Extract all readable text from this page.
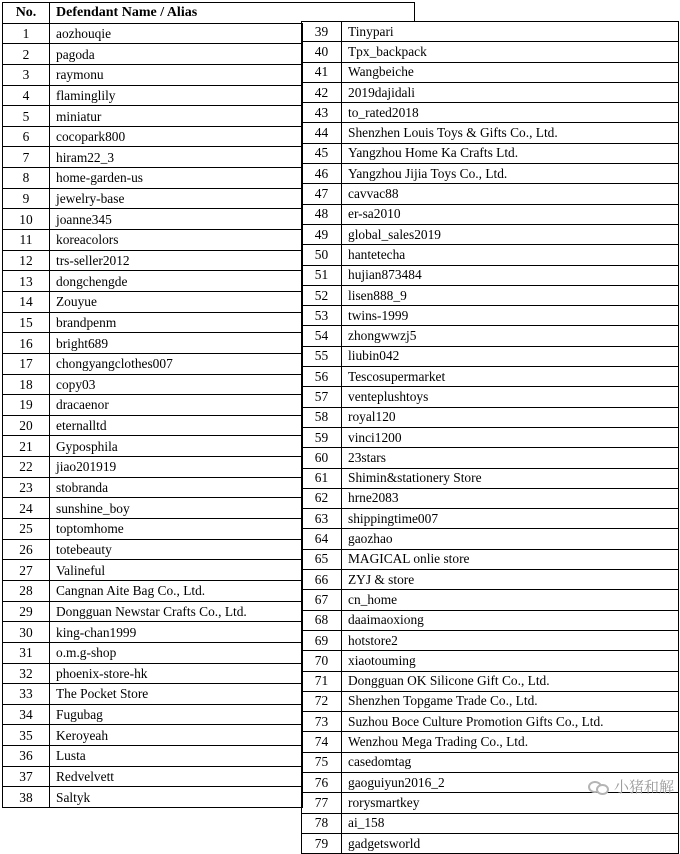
No.	Defendant Name / Alias
1	aozhouqie
2	pagoda
3	raymonu
4	flaminglily
5	miniatur
6	cocopark800
7	hiram22_3
8	home-garden-us
9	jewelry-base
10	joanne345
11	koreacolors
12	trs-seller2012
13	dongchengde
14	Zouyue
15	brandpenm
16	bright689
17	chongyangclothes007
18	copy03
19	dracaenor
20	eternalltd
21	Gyposphila
22	jiao201919
23	stobranda
24	sunshine_boy
25	toptomhome
26	totebeauty
27	Valineful
28	Cangnan Aite Bag Co., Ltd.
29	Dongguan Newstar Crafts Co., Ltd.
30	king-chan1999
31	o.m.g-shop
32	phoenix-store-hk
33	The Pocket Store
34	Fugubag
35	Keroyeah
36	Lusta
37	Redvelvett
38	Saltyk
39	Tinypari
40	Tpx_backpack
41	Wangbeiche
42	2019dajidali
43	to_rated2018
44	Shenzhen Louis Toys & Gifts Co., Ltd.
45	Yangzhou Home Ka Crafts Ltd.
46	Yangzhou Jijia Toys Co., Ltd.
47	cavvac88
48	er-sa2010
49	global_sales2019
50	hantetecha
51	hujian873484
52	lisen888_9
53	twins-1999
54	zhongwwzj5
55	liubin042
56	Tescosupermarket
57	venteplushtoys
58	royal120
59	vinci1200
60	23stars
61	Shimin&stationery Store
62	hrne2083
63	shippingtime007
64	gaozhao
65	MAGICAL onlie store
66	ZYJ & store
67	cn_home
68	daaimaoxiong
69	hotstore2
70	xiaotouming
71	Dongguan OK Silicone Gift Co., Ltd.
72	Shenzhen Topgame Trade Co., Ltd.
73	Suzhou Boce Culture Promotion Gifts Co., Ltd.
74	Wenzhou Mega Trading Co., Ltd.
75	casedomtag
76	gaoguiyun2016_2
77	rorysmartkey
78	ai_158
79	gadgetsworld
小猪和解
